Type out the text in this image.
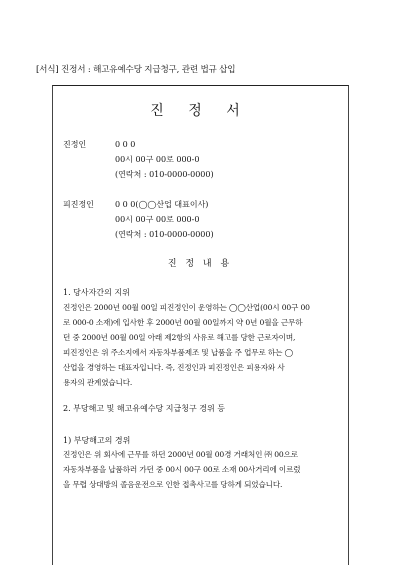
[서식] 진정서 : 해고유예수당 지급청구, 관련 법규 삽입
진 정 서
진정인	0 0 0
00시 00구 00로 000-0
(연락처 : 010-0000-0000)
피진정인	0 0 0(◯◯산업 대표이사)
00시 00구 00로 000-0
(연락처 : 010-0000-0000)
진 정 내 용
1. 당사자간의 지위
진정인은 2000년 00월 00일 피진정인이 운영하는 ◯◯산업(00시 00구 00
로 000-0 소재)에 입사한 후 2000년 00월 00일까지 약 0년 0월을 근무하
던 중 2000년 00월 00일 아래 제2항의 사유로 해고를 당한 근로자이며,
피진정인은 위 주소지에서 자동차부품제조 및 납품을 주 업무로 하는 ◯
산업을 경영하는 대표자입니다. 즉, 진정인과 피진정인은 피용자와 사
용자의 관계였습니다.
2. 부당해고 및 해고유예수당 지급청구 경위 등
1) 부당해고의 경위
진정인은 위 회사에 근무를 하던 2000년 00월 00경 거래처인 ㈜ 00으로
자동차부품을 납품하러 가던 중 00시 00구 00로 소재 00사거리에 이르렀
을 무렵 상대방의 졸음운전으로 인한 접촉사고를 당하게 되었습니다.
